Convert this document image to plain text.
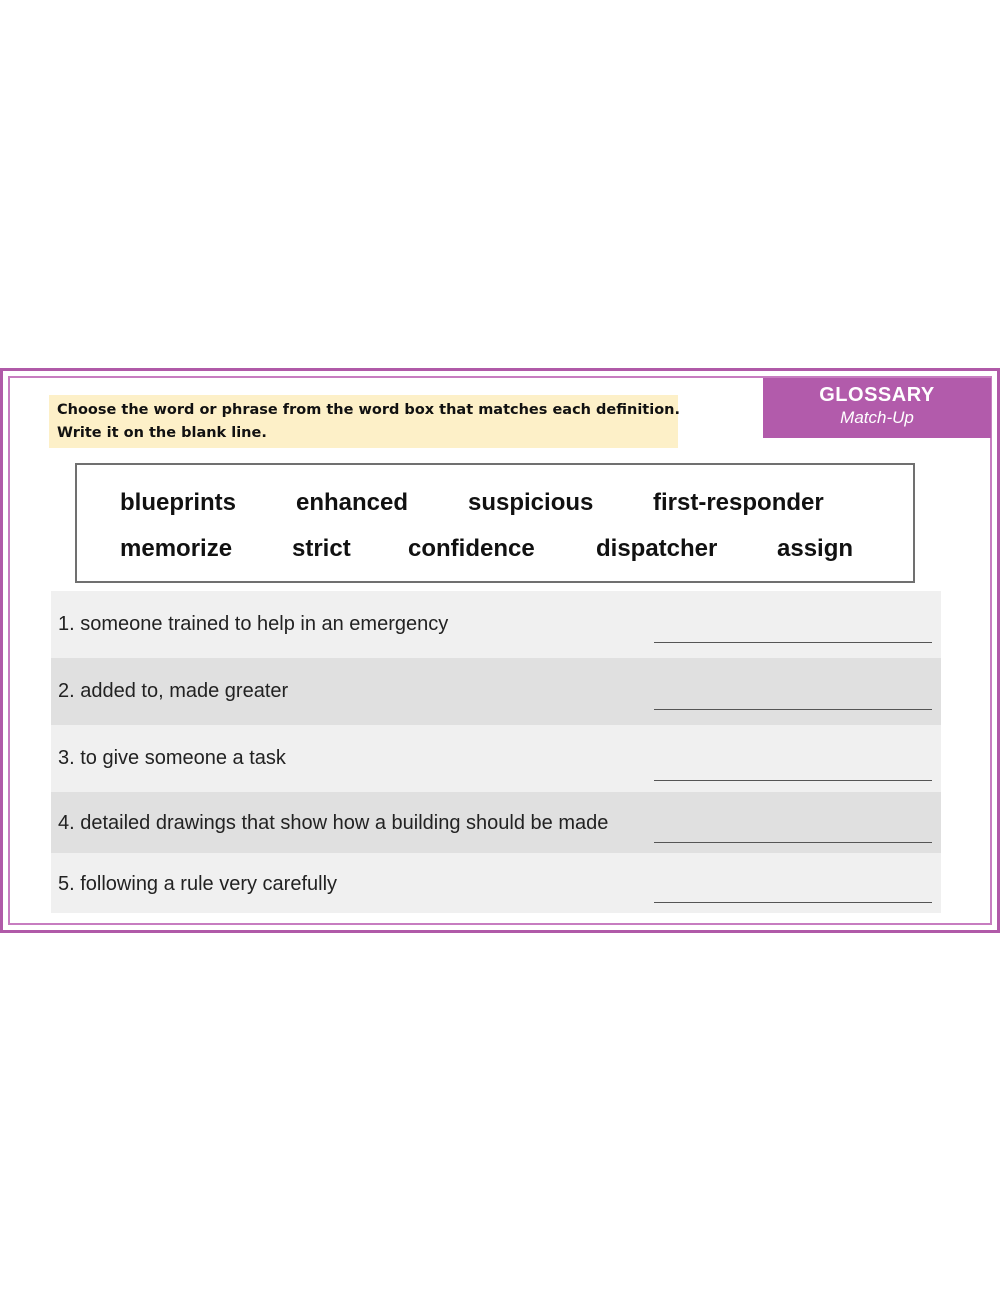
Choose the word or phrase from the word box that matches each definition.
Write it on the blank line.
GLOSSARY
Match-Up
blueprints enhanced suspicious first-responder
memorize strict confidence	dispatcher assign
1. someone trained to help in an emergency
2. added to, made greater
3. to give someone a task
4. detailed drawings that show how a building should be made
5. following a rule very carefully
